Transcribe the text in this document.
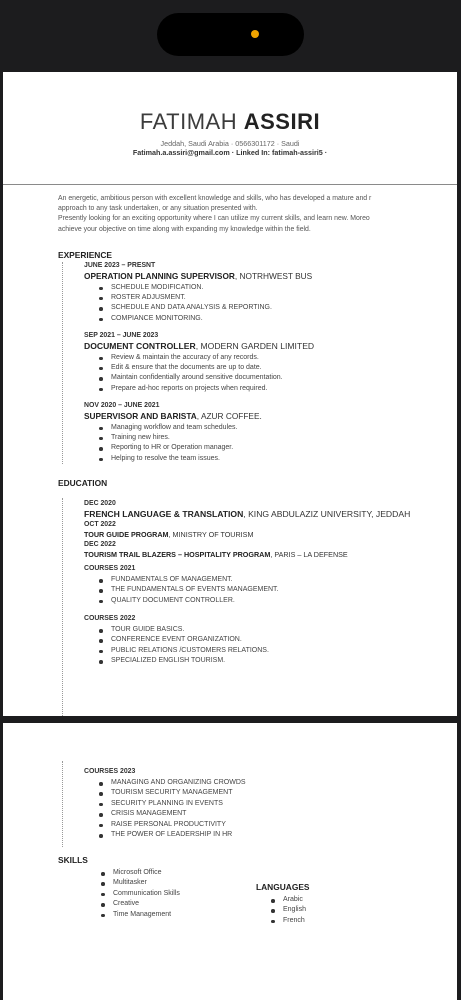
FATIMAH ASSIRI
Jeddah, Saudi Arabia · 0566301172 · Saudi
Fatimah.a.assiri@gmail.com · Linked In: fatimah-assiri5 ·
An energetic, ambitious person with excellent knowledge and skills, who has developed a mature and r
approach to any task undertaken, or any situation presented with.
Presently looking for an exciting opportunity where I can utilize my current skills, and learn new. Moreo
achieve your objective on time along with expanding my knowledge within the field.
EXPERIENCE
JUNE 2023 – PRESNT
OPERATION PLANNING SUPERVISOR, NOTRHWEST BUS
SCHEDULE MODIFICATION.
ROSTER ADJUSMENT.
SCHEDULE AND DATA ANALYSIS & REPORTING.
COMPIANCE MONITORING.
SEP 2021 – JUNE 2023
DOCUMENT CONTROLLER, MODERN GARDEN LIMITED
Review & maintain the accuracy of any records.
Edit & ensure that the documents are up to date.
Maintain confidentially around sensitive documentation.
Prepare ad-hoc reports on projects when required.
NOV 2020 – JUNE 2021
SUPERVISOR AND BARISTA, AZUR COFFEE.
Managing workflow and team schedules.
Training new hires.
Reporting to HR or Operation manager.
Helping to resolve the team issues.
EDUCATION
DEC 2020
FRENCH LANGUAGE & TRANSLATION, KING ABDULAZIZ UNIVERSITY, JEDDAH
OCT 2022
TOUR GUIDE PROGRAM, MINISTRY OF TOURISM
DEC 2022
TOURISM TRAIL BLAZERS – HOSPITALITY PROGRAM, PARIS – LA DEFENSE
COURSES 2021
FUNDAMENTALS OF MANAGEMENT.
THE FUNDAMENTALS OF EVENTS MANAGEMENT.
QUALITY DOCUMENT CONTROLLER.
COURSES 2022
TOUR GUIDE BASICS.
CONFERENCE EVENT ORGANIZATION.
PUBLIC RELATIONS /CUSTOMERS RELATIONS.
SPECIALIZED ENGLISH TOURISM.
COURSES 2023
MANAGING AND ORGANIZING CROWDS
TOURISM SECURITY MANAGEMENT
SECURITY PLANNING IN EVENTS
CRISIS MANAGEMENT
RAISE PERSONAL PRODUCTIVITY
THE POWER OF LEADERSHIP IN HR
SKILLS
Microsoft Office
Multitasker
Communication Skills
Creative
Time Management
LANGUAGES
Arabic
English
French
